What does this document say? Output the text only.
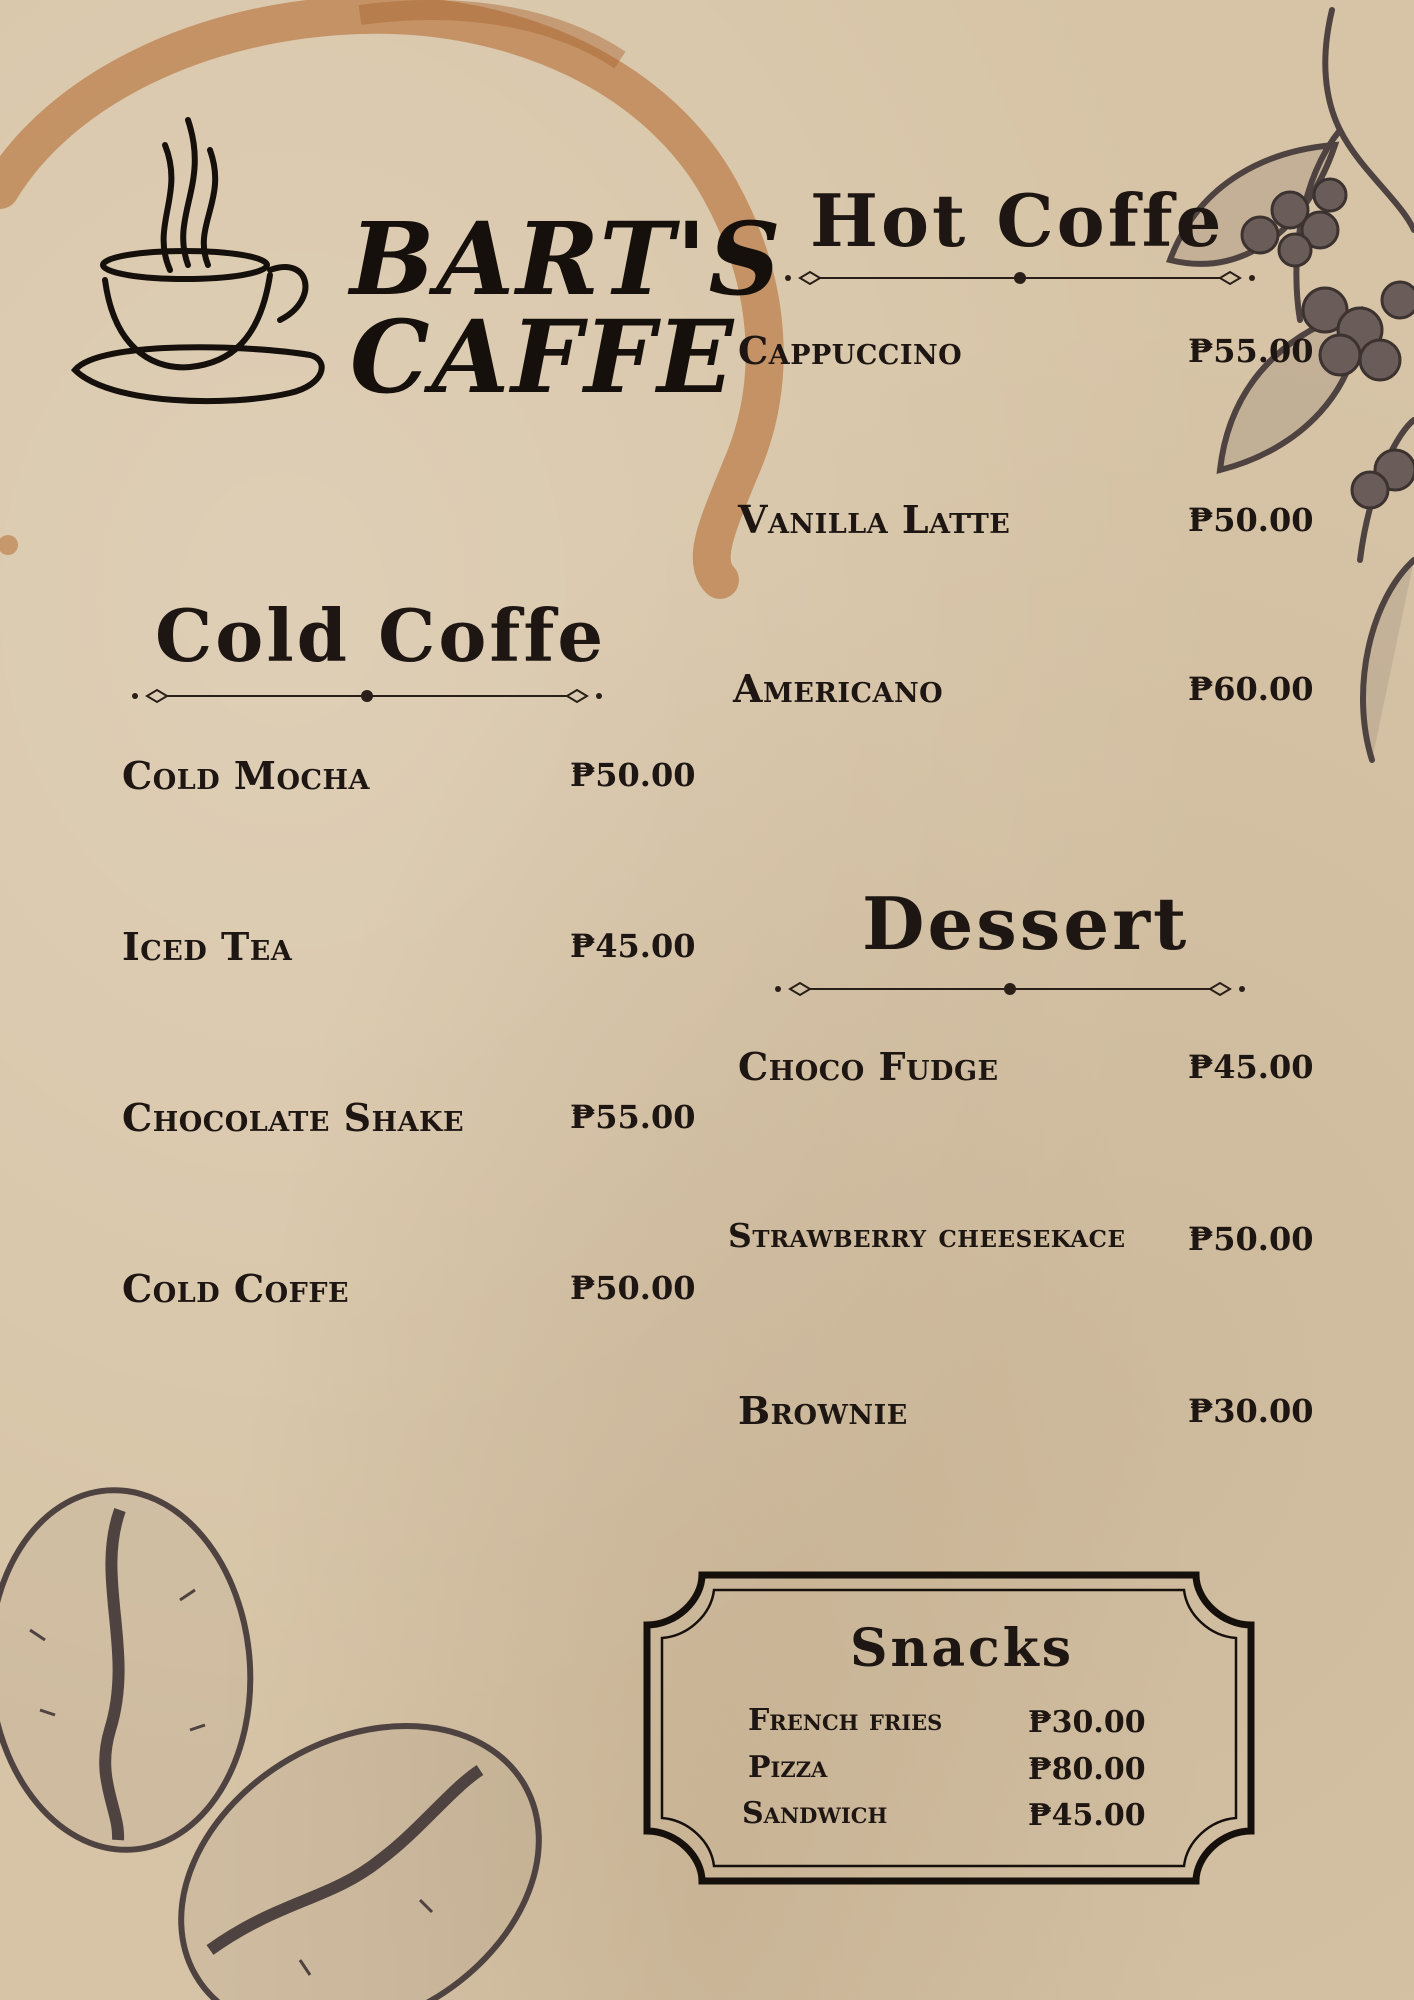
BART'S
CAFFE
Hot Coffe
Cappuccino	₱55.00
Vanilla Latte	₱50.00
Americano	₱60.00
Cold Coffe
Cold Mocha	₱50.00
Iced Tea	₱45.00
Chocolate Shake	₱55.00
Cold Coffe	₱50.00
Dessert
Choco Fudge	₱45.00
Strawberry cheesekace ₱50.00
Brownie	₱30.00
Snacks
French fries	₱30.00
Pizza	₱80.00
Sandwich	₱45.00
